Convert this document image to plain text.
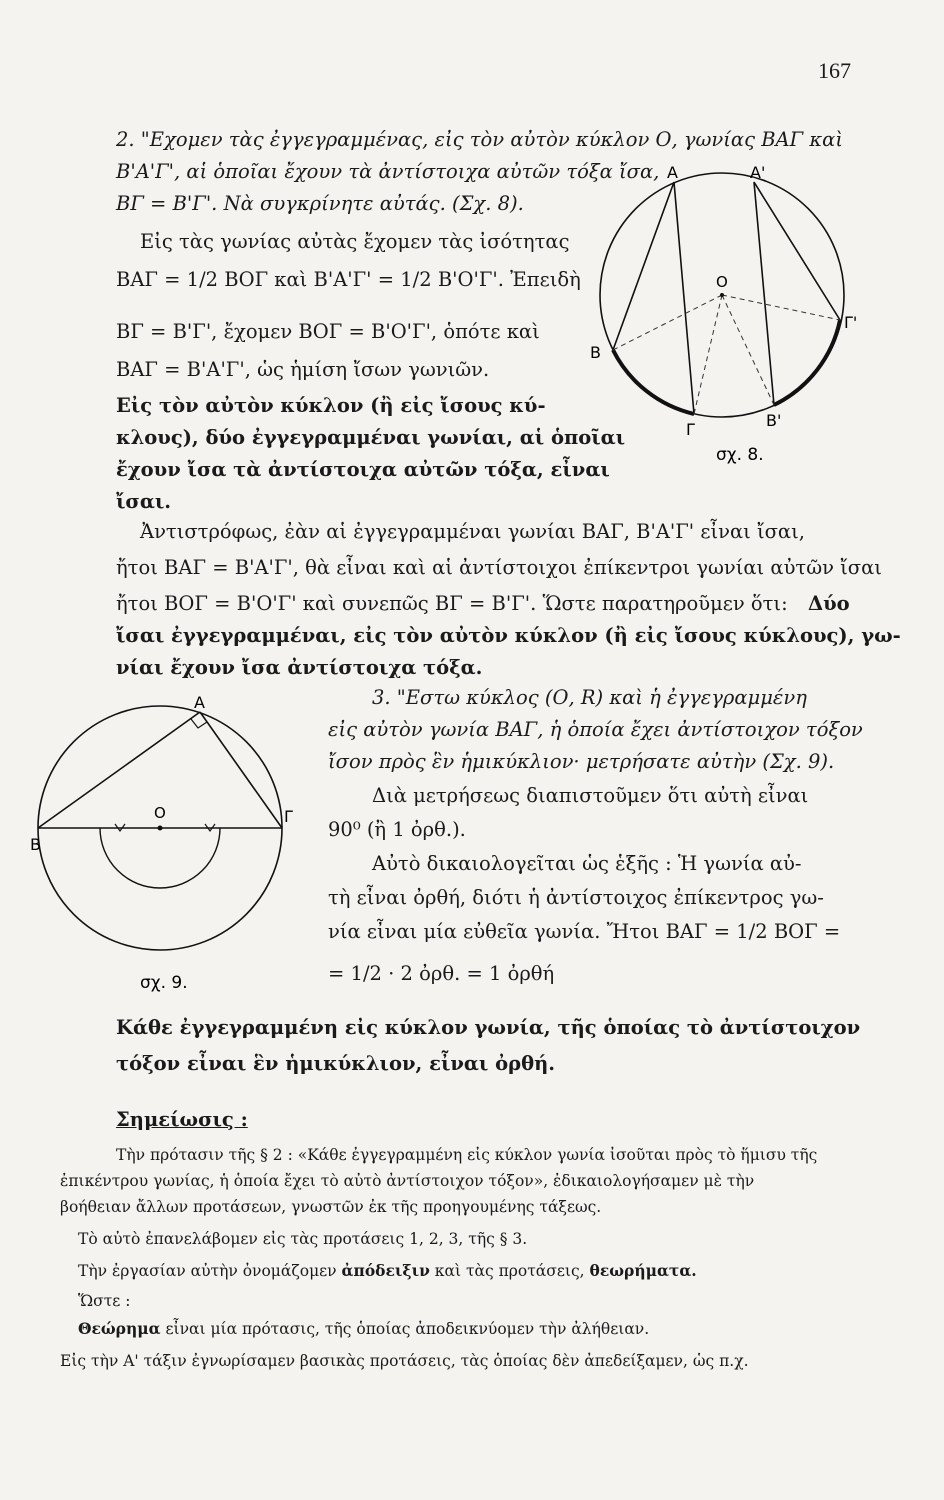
167
2. "Εχομεν τὰς ἐγγεγραμμένας, εἰς τὸν αὐτὸν κύκλον Ο, γωνίας ΒΑΓ καὶ
Β'Α'Γ', αἱ ὁποῖαι ἔχουν τὰ ἀντίστοιχα αὐτῶν τόξα ἴσα,
ΒΓ = Β'Γ'. Νὰ συγκρίνητε αὐτάς. (Σχ. 8).
Εἰς τὰς γωνίας αὐτὰς ἔχομεν τὰς ἰσότητας
ΒΑΓ = 1/2 ΒΟΓ καὶ Β'Α'Γ' = 1/2 Β'Ο'Γ'. Ἐπειδὴ
ΒΓ = Β'Γ', ἔχομεν ΒΟΓ = Β'Ο'Γ', ὁπότε καὶ
ΒΑΓ = Β'Α'Γ', ὡς ἡμίση ἴσων γωνιῶν.
Εἰς τὸν αὐτὸν κύκλον (ἢ εἰς ἴσους κύ-
κλους), δύο ἐγγεγραμμέναι γωνίαι, αἱ ὁποῖαι
ἔχουν ἴσα τὰ ἀντίστοιχα αὐτῶν τόξα, εἶναι
ἴσαι.
Α	Α'
Ο
Γ'
Β
Γ	Β'
σχ. 8.
Ἀντιστρόφως, ἐὰν αἱ ἐγγεγραμμέναι γωνίαι ΒΑΓ, Β'Α'Γ' εἶναι ἴσαι,
ἤτοι ΒΑΓ = Β'Α'Γ', θὰ εἶναι καὶ αἱ ἀντίστοιχοι ἐπίκεντροι γωνίαι αὐτῶν ἴσαι
ἤτοι ΒΟΓ = Β'Ο'Γ' καὶ συνεπῶς ΒΓ = Β'Γ'. Ὥστε παρατηροῦμεν ὅτι: Δύο
ἴσαι ἐγγεγραμμέναι, εἰς τὸν αὐτὸν κύκλον (ἢ εἰς ἴσους κύκλους), γω-
νίαι ἔχουν ἴσα ἀντίστοιχα τόξα.
Α
Ο
Β
Γ
σχ. 9.
3. "Εστω κύκλος (Ο, R) καὶ ἡ ἐγγεγραμμένη
εἰς αὐτὸν γωνία ΒΑΓ, ἡ ὁποία ἔχει ἀντίστοιχον τόξον
ἴσον πρὸς ἓν ἡμικύκλιον· μετρήσατε αὐτὴν (Σχ. 9).
Διὰ μετρήσεως διαπιστοῦμεν ὅτι αὐτὴ εἶναι
90⁰ (ἢ 1 ὀρθ.).
Αὐτὸ δικαιολογεῖται ὡς ἑξῆς : Ἡ γωνία αὐ-
τὴ εἶναι ὀρθή, διότι ἡ ἀντίστοιχος ἐπίκεντρος γω-
νία εἶναι μία εὐθεῖα γωνία. Ἤτοι ΒΑΓ = 1/2 ΒΟΓ =
= 1/2 · 2 ὀρθ. = 1 ὀρθή
Κάθε ἐγγεγραμμένη εἰς κύκλον γωνία, τῆς ὁποίας τὸ ἀντίστοιχον
τόξον εἶναι ἓν ἡμικύκλιον, εἶναι ὀρθή.
Σημείωσις :
Τὴν πρότασιν τῆς § 2 : «Κάθε ἐγγεγραμμένη εἰς κύκλον γωνία ἰσοῦται πρὸς τὸ ἥμισυ τῆς
ἐπικέντρου γωνίας, ἡ ὁποία ἔχει τὸ αὐτὸ ἀντίστοιχον τόξον», ἐδικαιολογήσαμεν μὲ τὴν
βοήθειαν ἄλλων προτάσεων, γνωστῶν ἐκ τῆς προηγουμένης τάξεως.
Τὸ αὐτὸ ἐπανελάβομεν εἰς τὰς προτάσεις 1, 2, 3, τῆς § 3.
Τὴν ἐργασίαν αὐτὴν ὀνομάζομεν ἀπόδειξιν καὶ τὰς προτάσεις, θεωρήματα.
Ὥστε :
Θεώρημα εἶναι μία πρότασις, τῆς ὁποίας ἀποδεικνύομεν τὴν ἀλήθειαν.
Εἰς τὴν Α' τάξιν ἐγνωρίσαμεν βασικὰς προτάσεις, τὰς ὁποίας δὲν ἀπεδείξαμεν, ὡς π.χ.
